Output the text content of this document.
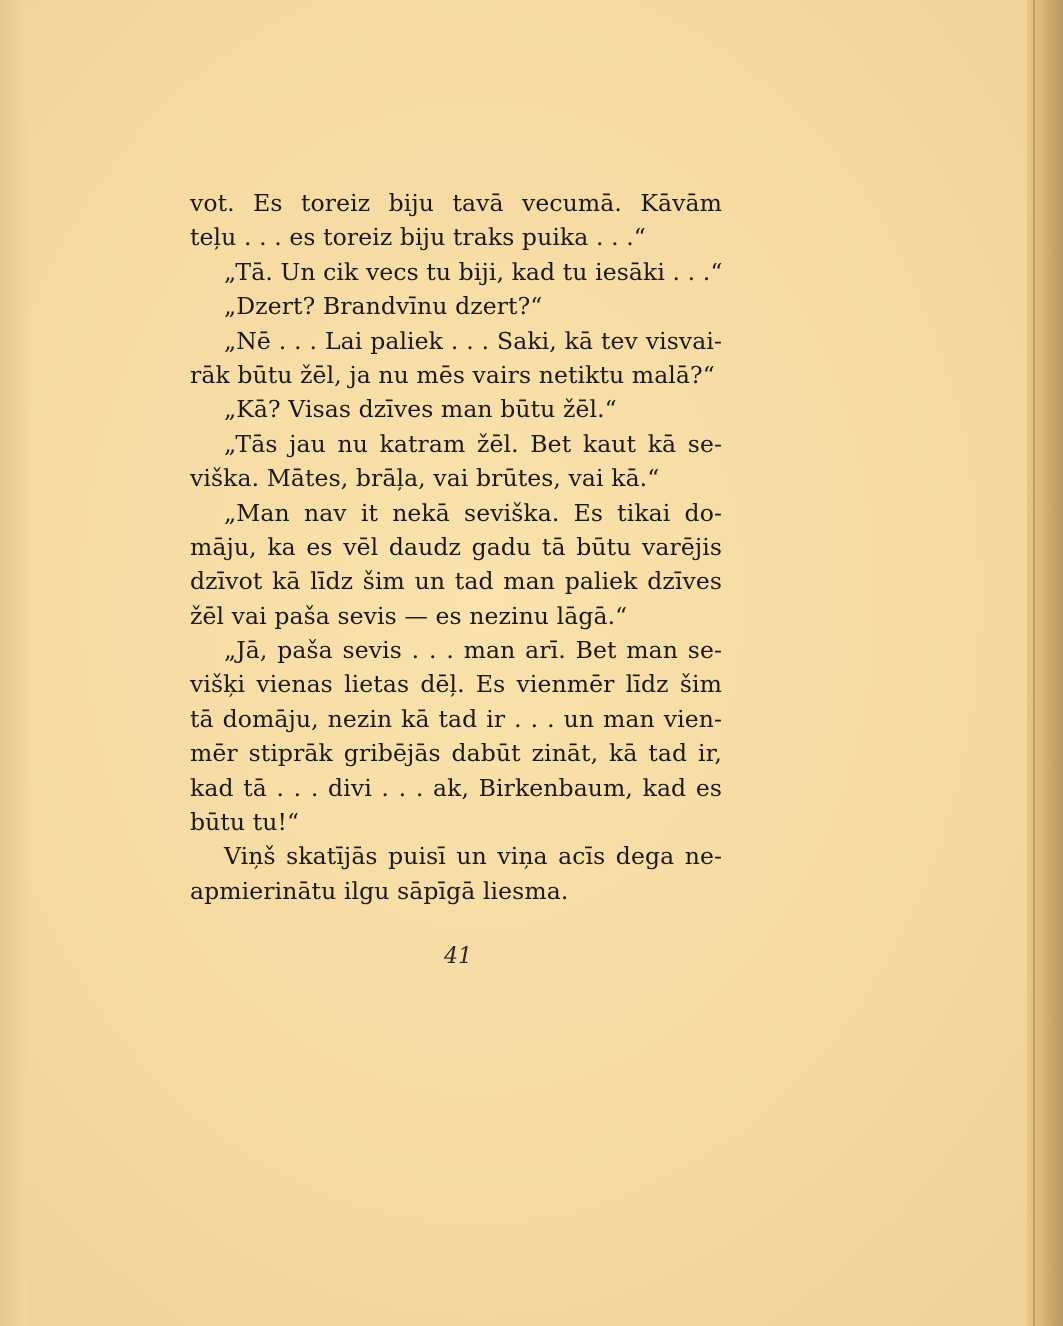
vot. Es toreiz biju tavā vecumā. Kāvām
teļu . . . es toreiz biju traks puika . . .“
„Tā. Un cik vecs tu biji, kad tu iesāki . . .“
„Dzert? Brandvīnu dzert?“
„Nē . . . Lai paliek . . . Saki, kā tev visvai-
rāk būtu žēl, ja nu mēs vairs netiktu malā?“
„Kā? Visas dzīves man būtu žēl.“
„Tās jau nu katram žēl. Bet kaut kā se-
viška. Mātes, brāļa, vai brūtes, vai kā.“
„Man nav it nekā seviška. Es tikai do-
māju, ka es vēl daudz gadu tā būtu varējis
dzīvot kā līdz šim un tad man paliek dzīves
žēl vai paša sevis — es nezinu lāgā.“
„Jā, paša sevis . . . man arī. Bet man se-
višķi vienas lietas dēļ. Es vienmēr līdz šim
tā domāju, nezin kā tad ir . . . un man vien-
mēr stiprāk gribējās dabūt zināt, kā tad ir,
kad tā . . . divi . . . ak, Birkenbaum, kad es
būtu tu!“
Viņš skatījās puisī un viņa acīs dega ne-
apmierinātu ilgu sāpīgā liesma.
41
